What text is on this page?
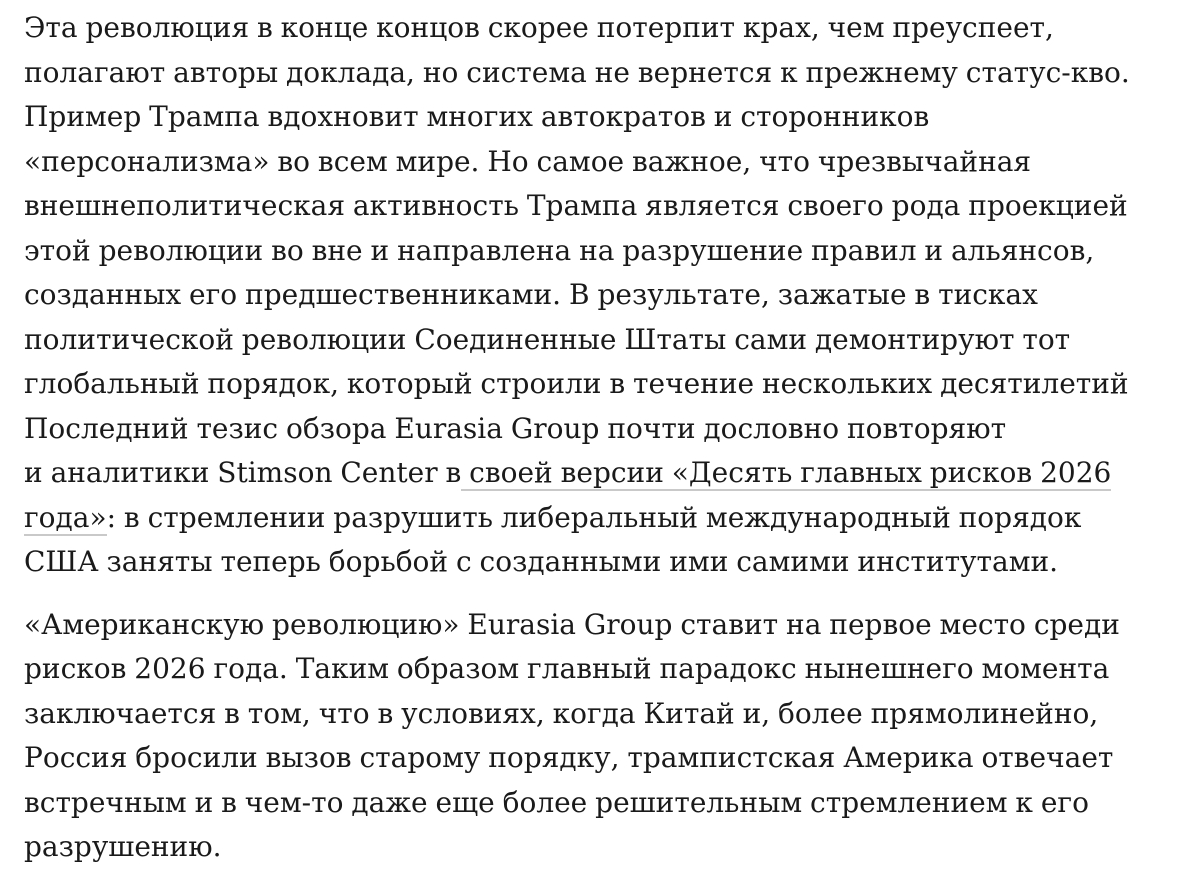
Эта революция в конце концов скорее потерпит крах, чем преуспеет,
полагают авторы доклада, но система не вернется к прежнему статус-кво.
Пример Трампа вдохновит многих автократов и сторонников
«персонализма» во всем мире. Но самое важное, что чрезвычайная
внешнеполитическая активность Трампа является своего рода проекцией
этой революции во вне и направлена на разрушение правил и альянсов,
созданных его предшественниками. В результате, зажатые в тисках
политической революции Соединенные Штаты сами демонтируют тот
глобальный порядок, который строили в течение нескольких десятилетий
Последний тезис обзора Eurasia Group почти дословно повторяют
и аналитики Stimson Center в своей версии «Десять главных рисков 2026
года»: в стремлении разрушить либеральный международный порядок
США заняты теперь борьбой с созданными ими самими институтами.

«Американскую революцию» Eurasia Group ставит на первое место среди
рисков 2026 года. Таким образом главный парадокс нынешнего момента
заключается в том, что в условиях, когда Китай и, более прямолинейно,
Россия бросили вызов старому порядку, трампистская Америка отвечает
встречным и в чем-то даже еще более решительным стремлением к его
разрушению.
